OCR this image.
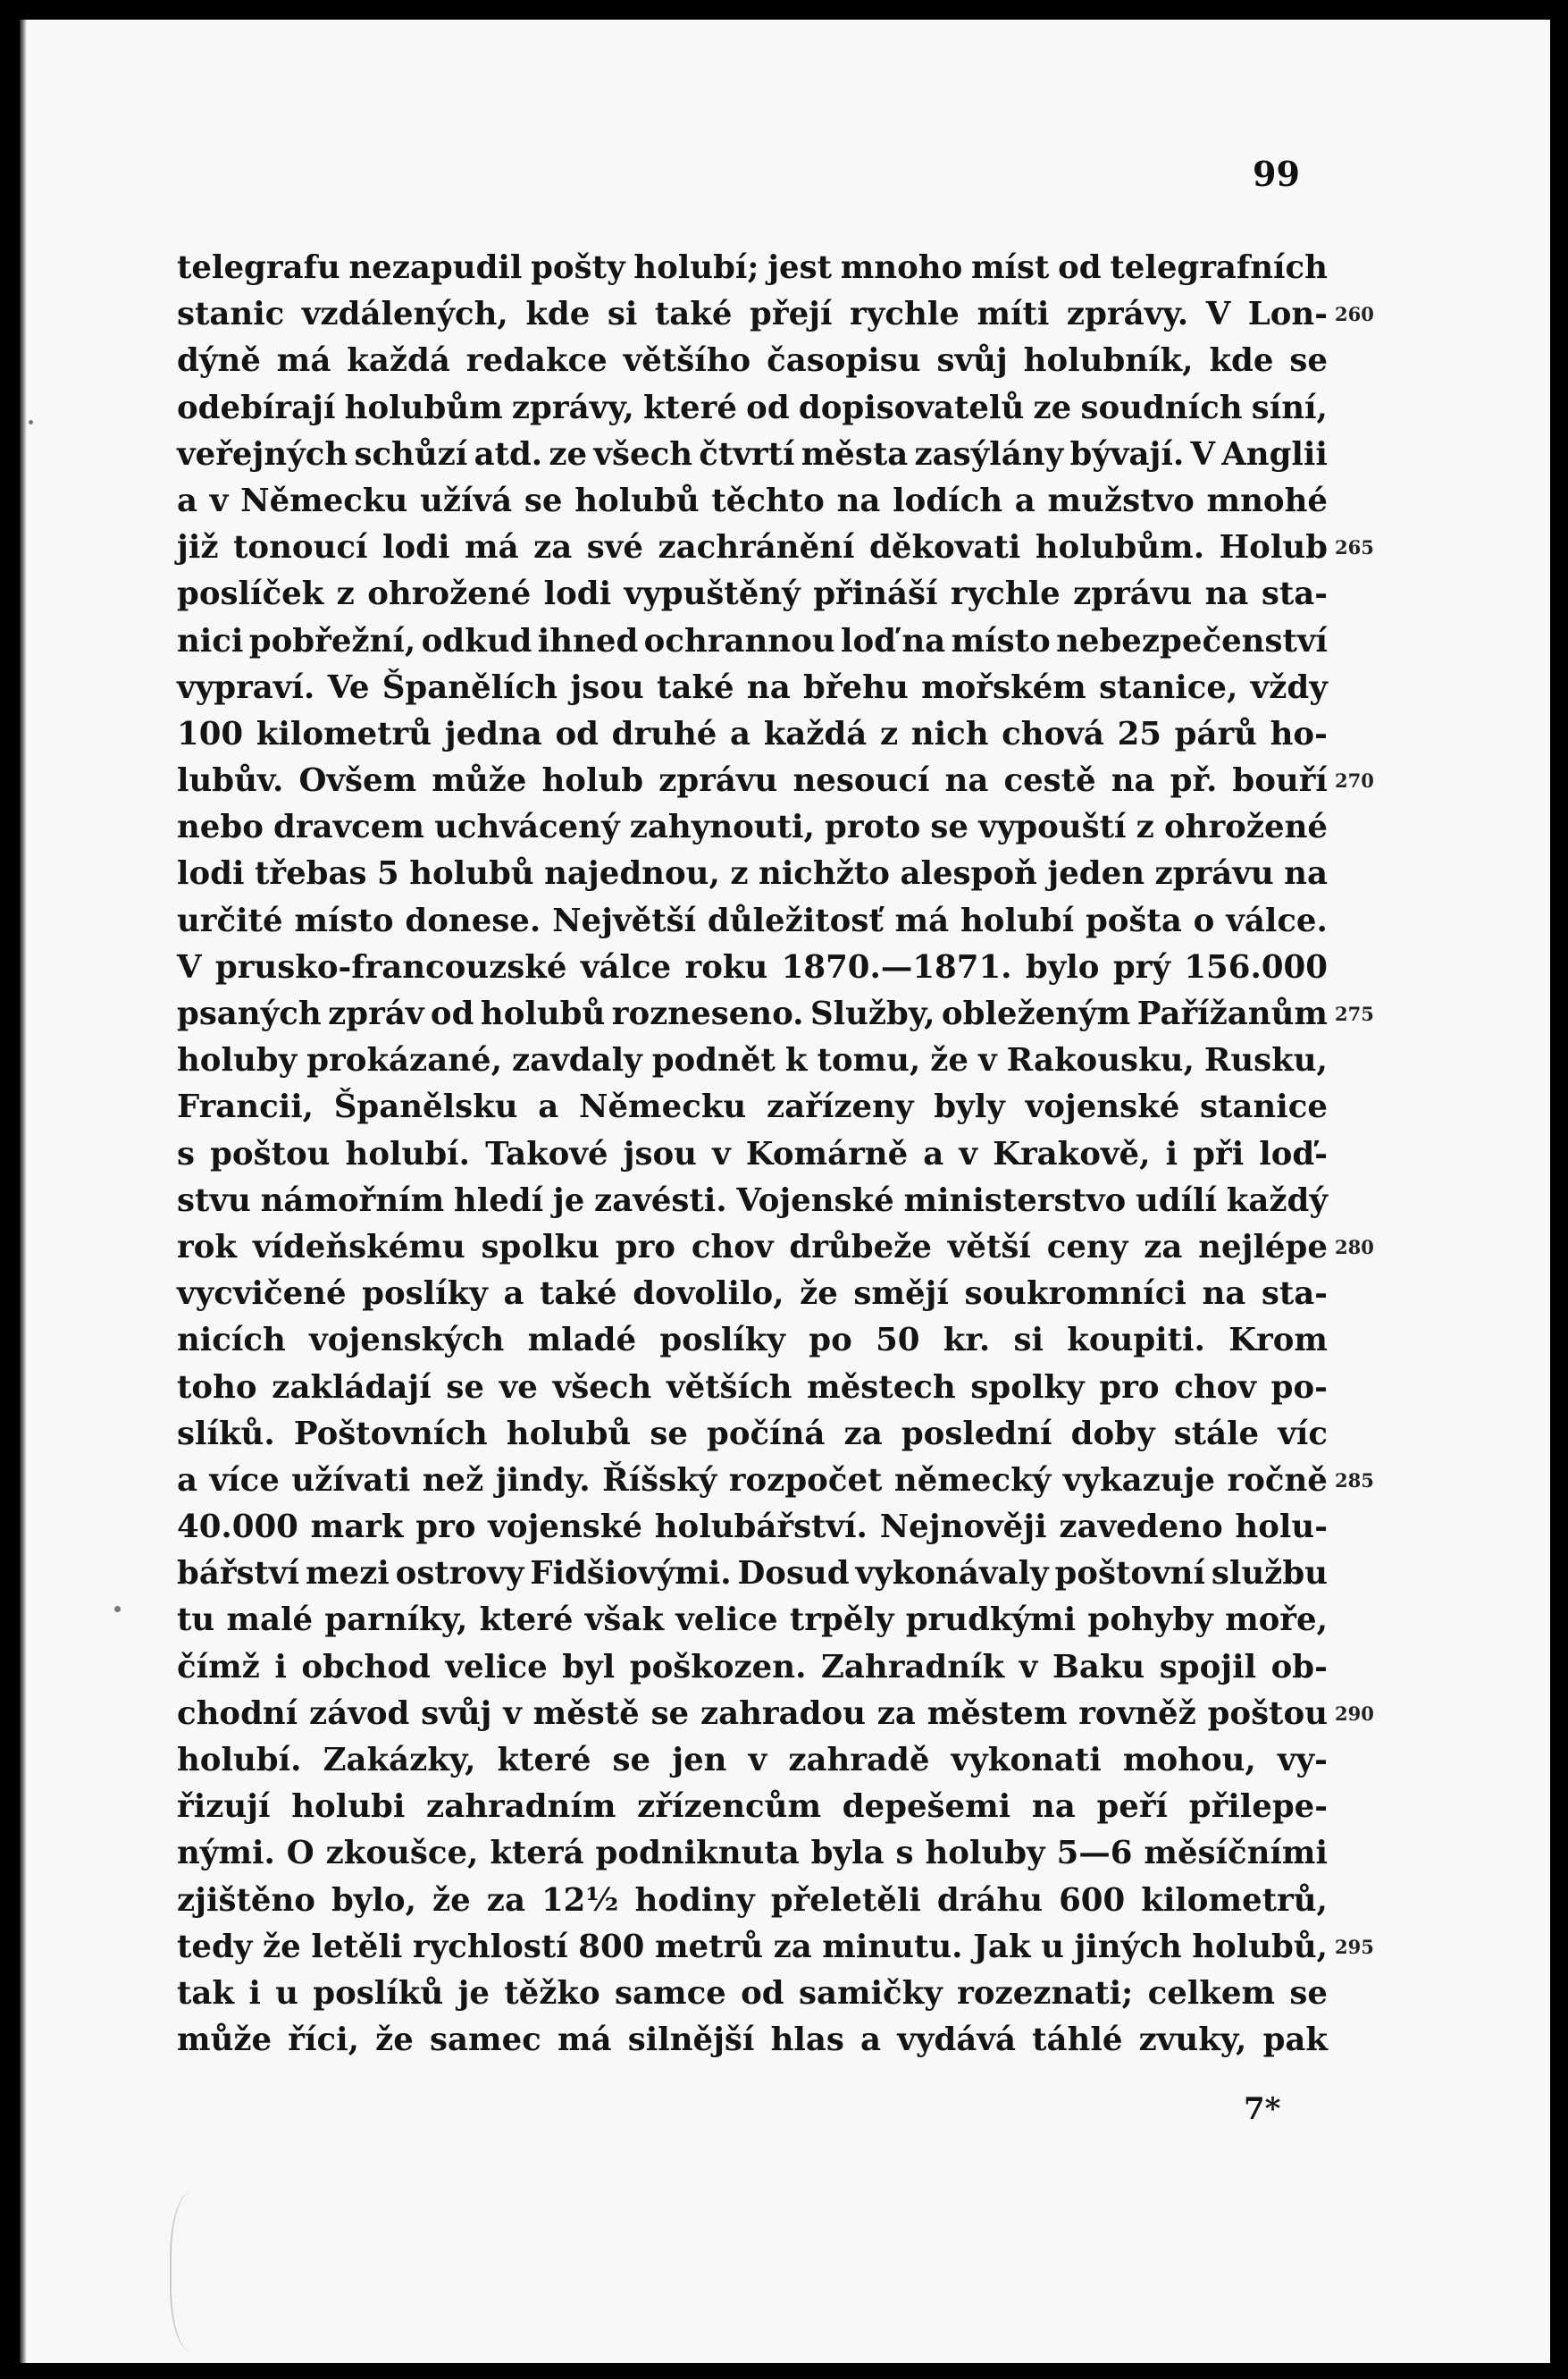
99
telegrafu nezapudil pošty holubí; jest mnoho míst od telegrafních
stanic vzdálených, kde si také přejí rychle míti zprávy. V Lon-
dýně má každá redakce většího časopisu svůj holubník, kde se
odebírají holubům zprávy, které od dopisovatelů ze soudních síní,
veřejných schůzí atd. ze všech čtvrtí města zasýlány bývají. V Anglii
a v Německu užívá se holubů těchto na lodích a mužstvo mnohé
již tonoucí lodi má za své zachránění děkovati holubům. Holub
poslíček z ohrožené lodi vypuštěný přináší rychle zprávu na sta-
nici pobřežní, odkud ihned ochrannou loď na místo nebezpečenství
vypraví. Ve Španělích jsou také na břehu mořském stanice, vždy
100 kilometrů jedna od druhé a každá z nich chová 25 párů ho-
lubův. Ovšem může holub zprávu nesoucí na cestě na př. bouří
nebo dravcem uchvácený zahynouti, proto se vypouští z ohrožené
lodi třebas 5 holubů najednou, z nichžto alespoň jeden zprávu na
určité místo donese. Největší důležitosť má holubí pošta o válce.
V prusko-francouzské válce roku 1870.—1871. bylo prý 156.000
psaných zpráv od holubů rozneseno. Služby, obleženým Pařížanům
holuby prokázané, zavdaly podnět k tomu, že v Rakousku, Rusku,
Francii, Španělsku a Německu zařízeny byly vojenské stanice
s poštou holubí. Takové jsou v Komárně a v Krakově, i při loď-
stvu námořním hledí je zavésti. Vojenské ministerstvo udílí každý
rok vídeňskému spolku pro chov drůbeže větší ceny za nejlépe
vycvičené poslíky a také dovolilo, že smějí soukromníci na sta-
nicích vojenských mladé poslíky po 50 kr. si koupiti. Krom
toho zakládají se ve všech větších městech spolky pro chov po-
slíků. Poštovních holubů se počíná za poslední doby stále víc
a více užívati než jindy. Říšský rozpočet německý vykazuje ročně
40.000 mark pro vojenské holubářství. Nejnověji zavedeno holu-
bářství mezi ostrovy Fidšiovými. Dosud vykonávaly poštovní službu
tu malé parníky, které však velice trpěly prudkými pohyby moře,
čímž i obchod velice byl poškozen. Zahradník v Baku spojil ob-
chodní závod svůj v městě se zahradou za městem rovněž poštou
holubí. Zakázky, které se jen v zahradě vykonati mohou, vy-
řizují holubi zahradním zřízencům depešemi na peří přilepe-
nými. O zkoušce, která podniknuta byla s holuby 5—6 měsíčními
zjištěno bylo, že za 12½ hodiny přeletěli dráhu 600 kilometrů,
tedy že letěli rychlostí 800 metrů za minutu. Jak u jiných holubů,
tak i u poslíků je těžko samce od samičky rozeznati; celkem se
může říci, že samec má silnější hlas a vydává táhlé zvuky, pak
260
265
270
275
280
285
290
295
7*
